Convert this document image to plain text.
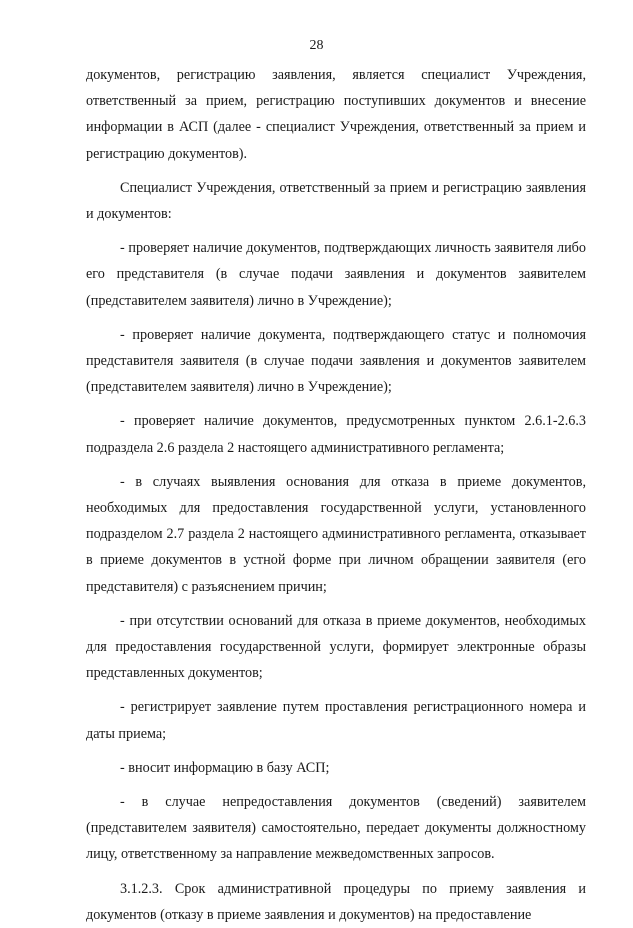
28

документов, регистрацию заявления, является специалист Учреждения, ответственный за прием, регистрацию поступивших документов и внесение информации в АСП (далее - специалист Учреждения, ответственный за прием и регистрацию документов).

Специалист Учреждения, ответственный за прием и регистрацию заявления и документов:

- проверяет наличие документов, подтверждающих личность заявителя либо его представителя (в случае подачи заявления и документов заявителем (представителем заявителя) лично в Учреждение);

- проверяет наличие документа, подтверждающего статус и полномочия представителя заявителя (в случае подачи заявления и документов заявителем (представителем заявителя) лично в Учреждение);

- проверяет наличие документов, предусмотренных пунктом 2.6.1-2.6.3 подраздела 2.6 раздела 2 настоящего административного регламента;

- в случаях выявления основания для отказа в приеме документов, необходимых для предоставления государственной услуги, установленного подразделом 2.7 раздела 2 настоящего административного регламента, отказывает в приеме документов в устной форме при личном обращении заявителя (его представителя) с разъяснением причин;

- при отсутствии оснований для отказа в приеме документов, необходимых для предоставления государственной услуги, формирует электронные образы представленных документов;

- регистрирует заявление путем проставления регистрационного номера и даты приема;

- вносит информацию в базу АСП;

- в случае непредоставления документов (сведений) заявителем (представителем заявителя) самостоятельно, передает документы должностному лицу, ответственному за направление межведомственных запросов.

3.1.2.3. Срок административной процедуры по приему заявления и документов (отказу в приеме заявления и документов) на предоставление
